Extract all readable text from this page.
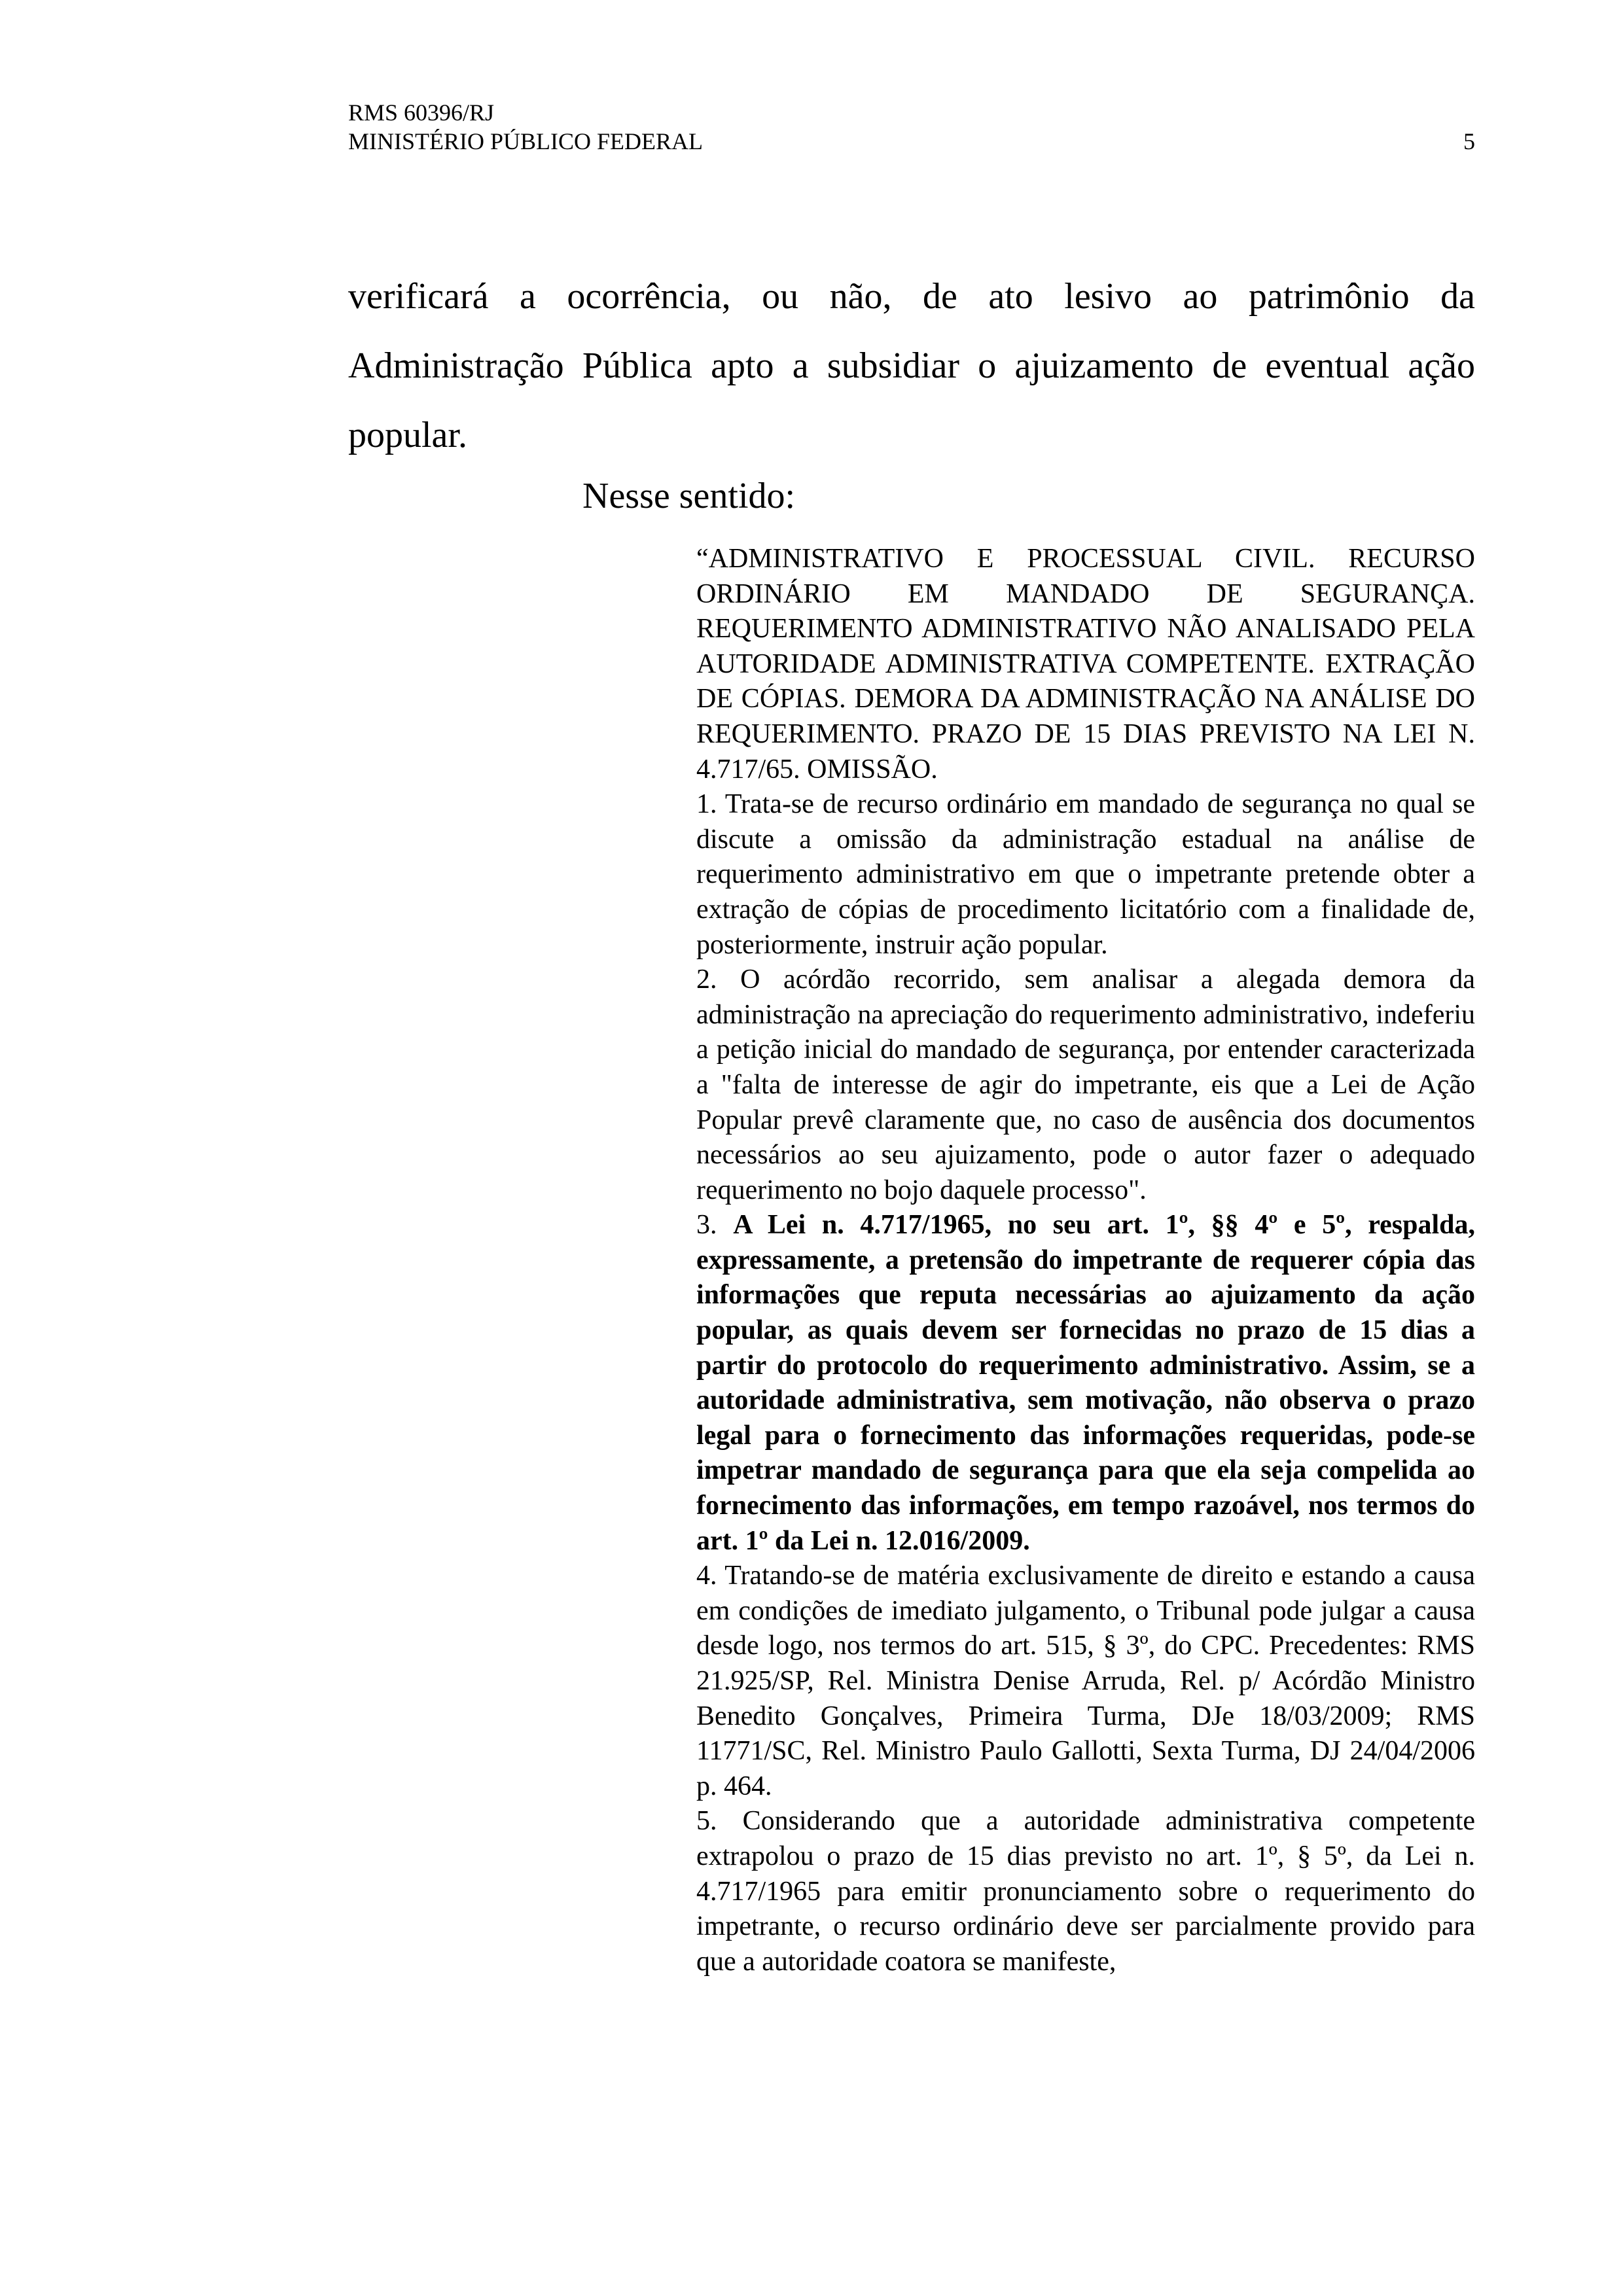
RMS 60396/RJ
MINISTÉRIO PÚBLICO FEDERAL	5

verificará a ocorrência, ou não, de ato lesivo ao patrimônio da Administração Pública apto a subsidiar o ajuizamento de eventual ação popular.

Nesse sentido:

“ADMINISTRATIVO E PROCESSUAL CIVIL. RECURSO ORDINÁRIO EM MANDADO DE SEGURANÇA. REQUERIMENTO ADMINISTRATIVO NÃO ANALISADO PELA AUTORIDADE ADMINISTRATIVA COMPETENTE. EXTRAÇÃO DE CÓPIAS. DEMORA DA ADMINISTRAÇÃO NA ANÁLISE DO REQUERIMENTO. PRAZO DE 15 DIAS PREVISTO NA LEI N. 4.717/65. OMISSÃO.

1. Trata-se de recurso ordinário em mandado de segurança no qual se discute a omissão da administração estadual na análise de requerimento administrativo em que o impetrante pretende obter a extração de cópias de procedimento licitatório com a finalidade de, posteriormente, instruir ação popular.

2. O acórdão recorrido, sem analisar a alegada demora da administração na apreciação do requerimento administrativo, indeferiu a petição inicial do mandado de segurança, por entender caracterizada a "falta de interesse de agir do impetrante, eis que a Lei de Ação Popular prevê claramente que, no caso de ausência dos documentos necessários ao seu ajuizamento, pode o autor fazer o adequado requerimento no bojo daquele processo".

3. A Lei n. 4.717/1965, no seu art. 1º, §§ 4º e 5º, respalda, expressamente, a pretensão do impetrante de requerer cópia das informações que reputa necessárias ao ajuizamento da ação popular, as quais devem ser fornecidas no prazo de 15 dias a partir do protocolo do requerimento administrativo. Assim, se a autoridade administrativa, sem motivação, não observa o prazo legal para o fornecimento das informações requeridas, pode-se impetrar mandado de segurança para que ela seja compelida ao fornecimento das informações, em tempo razoável, nos termos do art. 1º da Lei n. 12.016/2009.

4. Tratando-se de matéria exclusivamente de direito e estando a causa em condições de imediato julgamento, o Tribunal pode julgar a causa desde logo, nos termos do art. 515, § 3º, do CPC. Precedentes: RMS 21.925/SP, Rel. Ministra Denise Arruda, Rel. p/ Acórdão Ministro Benedito Gonçalves, Primeira Turma, DJe 18/03/2009; RMS 11771/SC, Rel. Ministro Paulo Gallotti, Sexta Turma, DJ 24/04/2006 p. 464.

5. Considerando que a autoridade administrativa competente extrapolou o prazo de 15 dias previsto no art. 1º, § 5º, da Lei n. 4.717/1965 para emitir pronunciamento sobre o requerimento do impetrante, o recurso ordinário deve ser parcialmente provido para que a autoridade coatora se manifeste,
